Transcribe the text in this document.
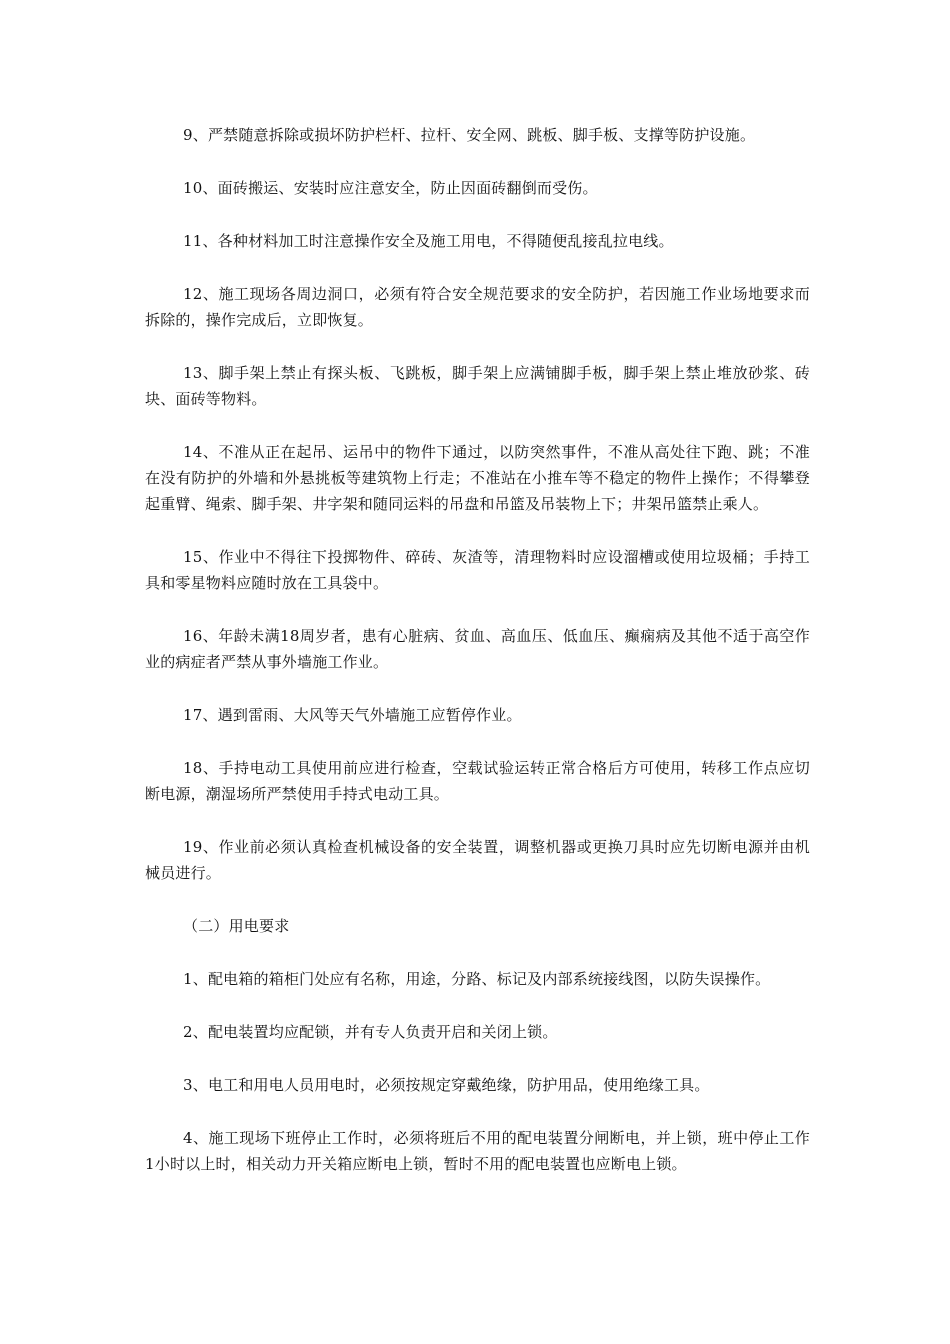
9、严禁随意拆除或损坏防护栏杆、拉杆、安全网、跳板、脚手板、支撑等防护设施。

10、面砖搬运、安装时应注意安全，防止因面砖翻倒而受伤。

11、各种材料加工时注意操作安全及施工用电，不得随便乱接乱拉电线。

12、施工现场各周边洞口，必须有符合安全规范要求的安全防护，若因施工作业场地要求而拆除的，操作完成后，立即恢复。

13、脚手架上禁止有探头板、飞跳板，脚手架上应满铺脚手板，脚手架上禁止堆放砂浆、砖块、面砖等物料。

14、不准从正在起吊、运吊中的物件下通过，以防突然事件，不准从高处往下跑、跳；不准在没有防护的外墙和外悬挑板等建筑物上行走；不准站在小推车等不稳定的物件上操作；不得攀登起重臂、绳索、脚手架、井字架和随同运料的吊盘和吊篮及吊装物上下；井架吊篮禁止乘人。

15、作业中不得往下投掷物件、碎砖、灰渣等，清理物料时应设溜槽或使用垃圾桶；手持工具和零星物料应随时放在工具袋中。

16、年龄未满18周岁者，患有心脏病、贫血、高血压、低血压、癫痫病及其他不适于高空作业的病症者严禁从事外墙施工作业。

17、遇到雷雨、大风等天气外墙施工应暂停作业。

18、手持电动工具使用前应进行检查，空载试验运转正常合格后方可使用，转移工作点应切断电源，潮湿场所严禁使用手持式电动工具。

19、作业前必须认真检查机械设备的安全装置，调整机器或更换刀具时应先切断电源并由机械员进行。

（二）用电要求

1、配电箱的箱柜门处应有名称，用途，分路、标记及内部系统接线图，以防失误操作。

2、配电装置均应配锁，并有专人负责开启和关闭上锁。

3、电工和用电人员用电时，必须按规定穿戴绝缘，防护用品，使用绝缘工具。

4、施工现场下班停止工作时，必须将班后不用的配电装置分闸断电，并上锁，班中停止工作1小时以上时，相关动力开关箱应断电上锁，暂时不用的配电装置也应断电上锁。
